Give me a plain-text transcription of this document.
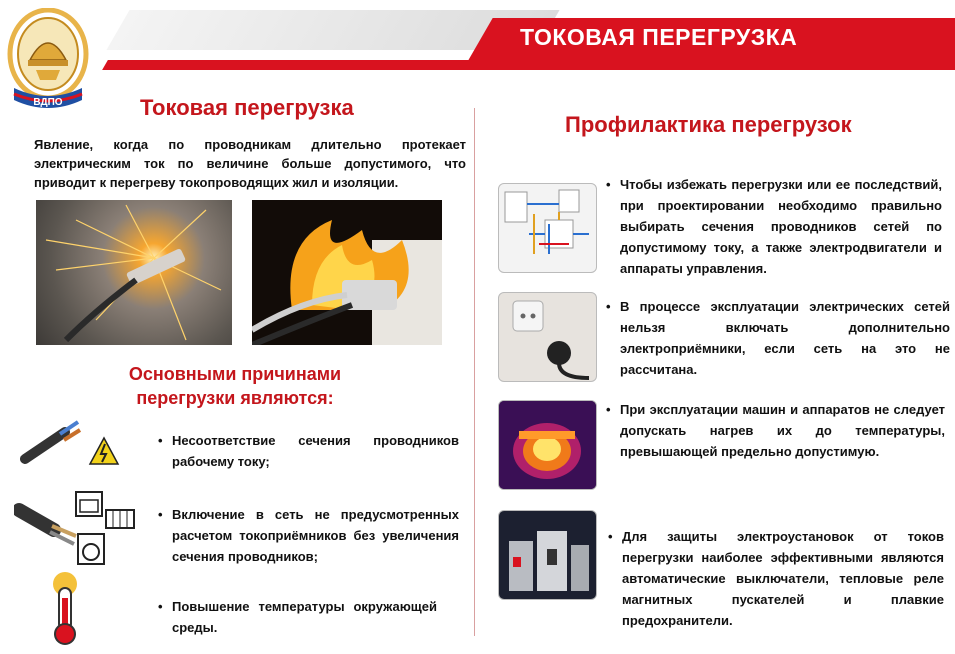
ТОКОВАЯ ПЕРЕГРУЗКА
ВДПО	Токовая перегрузка
Явление, когда по проводникам длительно протекает электрическим ток по величине больше допустимого, что приводит к перегреву токопроводящих жил и изоляции.
Основными причинами
перегрузки являются:
• Несоответствие сечения проводников рабочему току;
• Включение в сеть не предусмотренных расчетом токоприёмников без увеличения сечения проводников;
• Повышение температуры окружающей среды.
Профилактика перегрузок
• Чтобы избежать перегрузки или ее последствий, при проектировании необходимо правильно выбирать сечения проводников сетей по допустимому току, а также электродвигатели и аппараты управления.
• В процессе эксплуатации электрических сетей нельзя включать дополнительно электроприёмники, если сеть на это не рассчитана.
• При эксплуатации машин и аппаратов не следует допускать нагрев их до температуры, превышающей предельно допустимую.
• Для защиты электроустановок от токов перегрузки наиболее эффективными являются автоматические выключатели, тепловые реле магнитных пускателей и плавкие предохранители.
